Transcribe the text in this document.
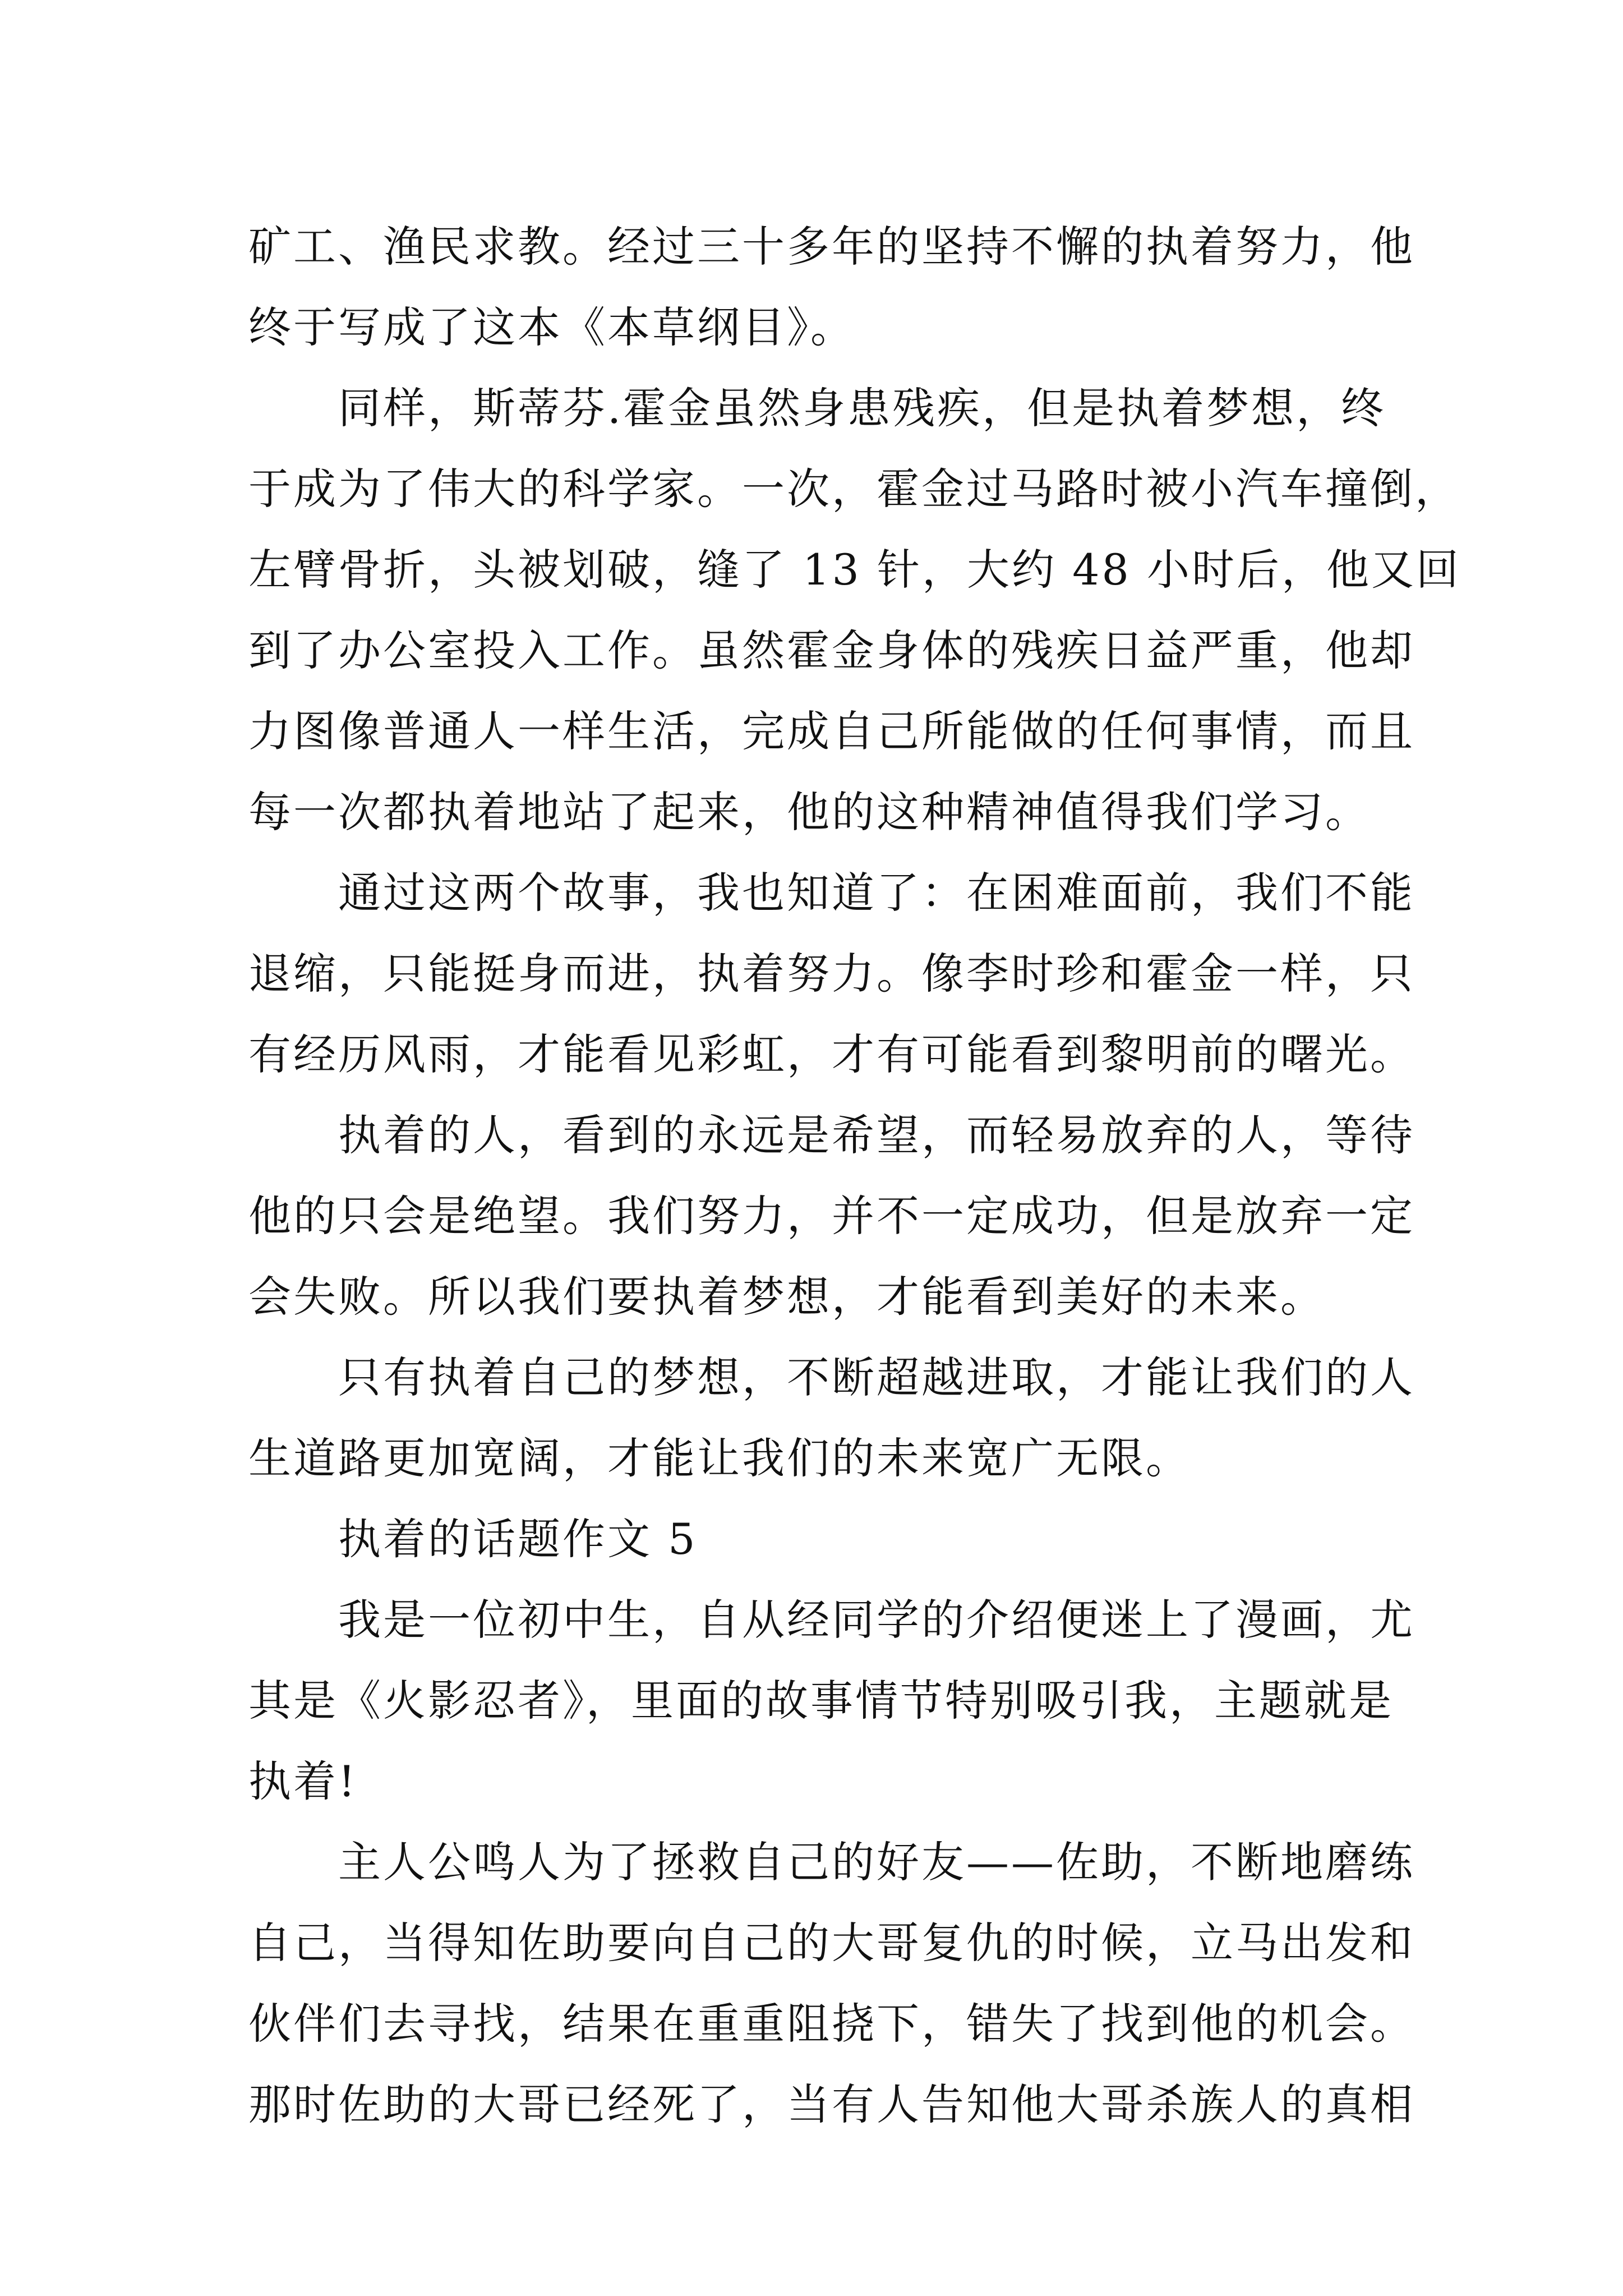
矿工、渔民求教。经过三十多年的坚持不懈的执着努力，他
终于写成了这本《本草纲目》。
同样，斯蒂芬.霍金虽然身患残疾，但是执着梦想，终
于成为了伟大的科学家。一次，霍金过马路时被小汽车撞倒，
左臂骨折，头被划破，缝了 13 针，大约 48 小时后，他又回
到了办公室投入工作。虽然霍金身体的残疾日益严重，他却
力图像普通人一样生活，完成自己所能做的任何事情，而且
每一次都执着地站了起来，他的这种精神值得我们学习。
通过这两个故事，我也知道了：在困难面前，我们不能
退缩，只能挺身而进，执着努力。像李时珍和霍金一样，只
有经历风雨，才能看见彩虹，才有可能看到黎明前的曙光。
执着的人，看到的永远是希望，而轻易放弃的人，等待
他的只会是绝望。我们努力，并不一定成功，但是放弃一定
会失败。所以我们要执着梦想，才能看到美好的未来。
只有执着自己的梦想，不断超越进取，才能让我们的人
生道路更加宽阔，才能让我们的未来宽广无限。
执着的话题作文 5
我是一位初中生，自从经同学的介绍便迷上了漫画，尤
其是《火影忍者》，里面的故事情节特别吸引我，主题就是
执着!
主人公鸣人为了拯救自己的好友——佐助，不断地磨练
自己，当得知佐助要向自己的大哥复仇的时候，立马出发和
伙伴们去寻找，结果在重重阻挠下，错失了找到他的机会。
那时佐助的大哥已经死了，当有人告知他大哥杀族人的真相
